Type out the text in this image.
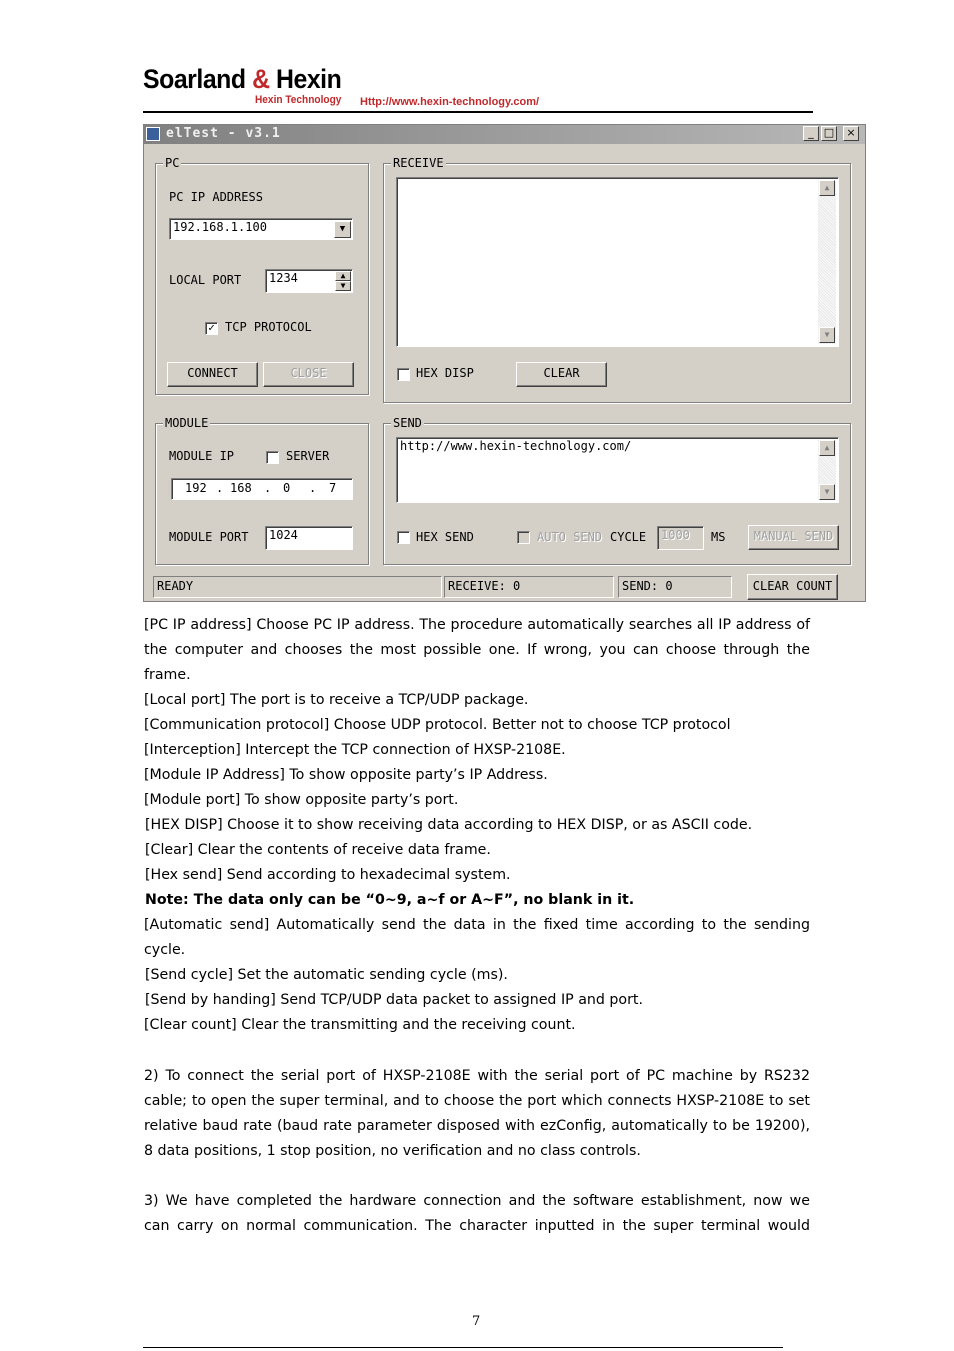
Soarland & Hexin
Hexin Technology Http://www.hexin-technology.com/
elTest - v3.1	_ □	×
PC
PC IP ADDRESS
192.168.1.100	▼
LOCAL PORT	1234	▲
▼
✓ TCP PROTOCOL
CONNECT	CLOSE
RECEIVE
▲
▼
HEX DISP	CLEAR
MODULE
MODULE IP	SERVER
192 . 168 . 0 . 7
MODULE PORT	1024
SEND
http://www.hexin-technology.com/	▲
▼
HEX SEND	AUTO SEND CYCLE	1000	MS	MANUAL SEND
READY	RECEIVE: 0	SEND: 0	CLEAR COUNT
[PC IP address] Choose PC IP address. The procedure automatically searches all IP address of
the computer and chooses the most possible one. If wrong, you can choose through the
frame.
[Local port] The port is to receive a TCP/UDP package.
[Communication protocol] Choose UDP protocol. Better not to choose TCP protocol
[Interception] Intercept the TCP connection of HXSP-2108E.
[Module IP Address] To show opposite party’s IP Address.
[Module port] To show opposite party’s port.
[HEX DISP] Choose it to show receiving data according to HEX DISP, or as ASCII code.
[Clear] Clear the contents of receive data frame.
[Hex send] Send according to hexadecimal system.
Note: The data only can be “0~9, a~f or A~F”, no blank in it.
[Automatic send] Automatically send the data in the fixed time according to the sending
cycle.
[Send cycle] Set the automatic sending cycle (ms).
[Send by handing] Send TCP/UDP data packet to assigned IP and port.
[Clear count] Clear the transmitting and the receiving count.
2) To connect the serial port of HXSP-2108E with the serial port of PC machine by RS232
cable; to open the super terminal, and to choose the port which connects HXSP-2108E to set
relative baud rate (baud rate parameter disposed with ezConfig, automatically to be 19200),
8 data positions, 1 stop position, no verification and no class controls.
3) We have completed the hardware connection and the software establishment, now we
can carry on normal communication. The character inputted in the super terminal would
7
